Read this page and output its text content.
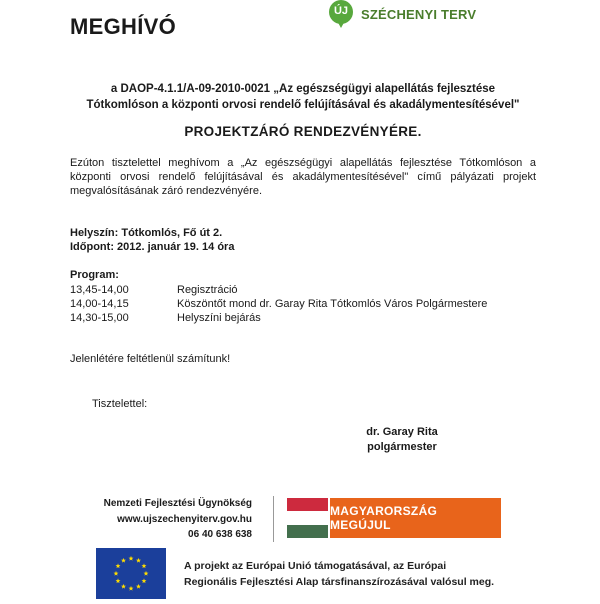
MEGHÍVÓ
ÚJ SZÉCHENYI TERV
a DAOP-4.1.1/A-09-2010-0021 „Az egészségügyi alapellátás fejlesztése
Tótkomlóson a központi orvosi rendelő felújításával és akadálymentesítésével"
PROJEKTZÁRÓ RENDEZVÉNYÉRE.
Ezúton tisztelettel meghívom a „Az egészségügyi alapellátás fejlesztése Tótkomlóson a központi orvosi rendelő felújításával és akadálymentesítésével" című pályázati projekt megvalósításának záró rendezvényére.
Helyszín: Tótkomlós, Fő út 2.
Időpont: 2012. január 19. 14 óra
Program:
13,45-14,00	Regisztráció
14,00-14,15	Köszöntőt mond dr. Garay Rita Tótkomlós Város Polgármestere
14,30-15,00	Helyszíni bejárás
Jelenlétére feltétlenül számítunk!
Tisztelettel:
dr. Garay Rita
polgármester
Nemzeti Fejlesztési Ügynökség
www.ujszechenyiterv.gov.hu
06 40 638 638
MAGYARORSZÁG MEGÚJUL
A projekt az Európai Unió támogatásával, az Európai
Regionális Fejlesztési Alap társfinanszírozásával valósul meg.
